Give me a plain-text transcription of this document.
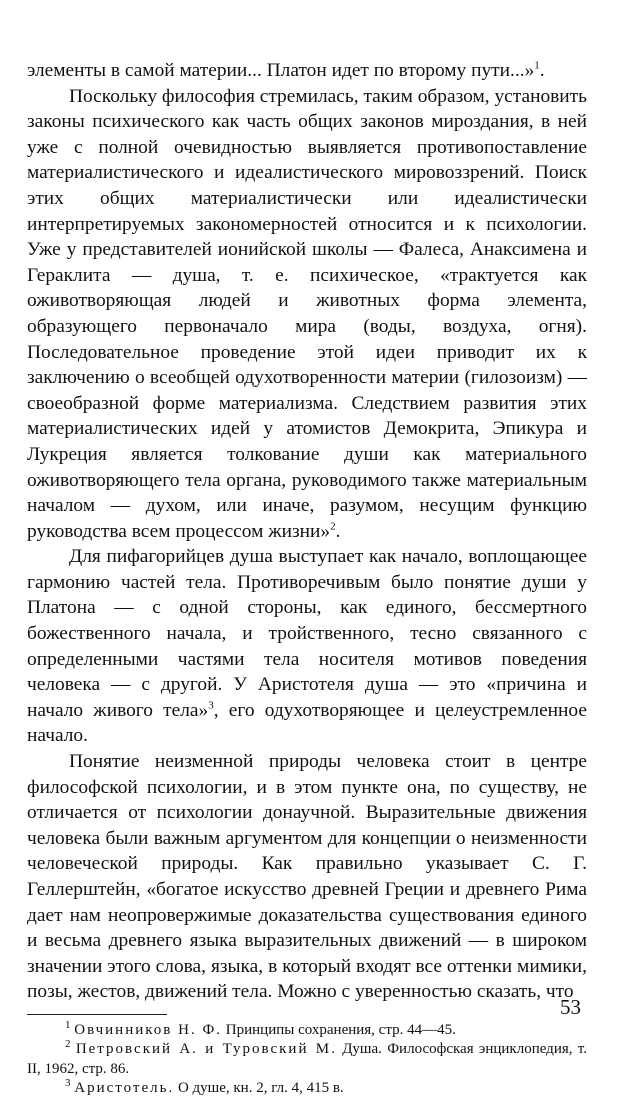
элементы в самой материи... Платон идет по второму пути...»$^1$.

Поскольку философия стремилась, таким образом, установить законы психического как часть общих законов мироздания, в ней уже с полной очевидностью выявляется противопоставление материалистического и идеалистического мировоззрений. Поиск этих общих материалистически или идеалистически интерпретируемых закономерностей относится и к психологии. Уже у представителей ионийской школы — Фалеса, Анаксимена и Гераклита — душа, т. е. психическое, «трактуется как оживотворяющая людей и животных форма элемента, образующего первоначало мира (воды, воздуха, огня). Последовательное проведение этой идеи приводит их к заключению о всеобщей одухотворенности материи (гилозоизм) — своеобразной форме материализма. Следствием развития этих материалистических идей у атомистов Демокрита, Эпикура и Лукреция является толкование души как материального оживотворяющего тела органа, руководимого также материальным началом — духом, или иначе, разумом, несущим функцию руководства всем процессом жизни»$^2$.

Для пифагорийцев душа выступает как начало, воплощающее гармонию частей тела. Противоречивым было понятие души у Платона — с одной стороны, как единого, бессмертного божественного начала, и тройственного, тесно связанного с определенными частями тела носителя мотивов поведения человека — с другой. У Аристотеля душа — это «причина и начало живого тела»$^3$, его одухотворяющее и целеустремленное начало.

Понятие неизменной природы человека стоит в центре философской психологии, и в этом пункте она, по существу, не отличается от психологии донаучной. Выразительные движения человека были важным аргументом для концепции о неизменности человеческой природы. Как правильно указывает С. Г. Геллерштейн, «богатое искусство древней Греции и древнего Рима дает нам неопровержимые доказательства существования единого и весьма древнего языка выразительных движений — в широком значении этого слова, языка, в который входят все оттенки мимики, позы, жестов, движений тела. Можно с уверенностью сказать, что

$^1$ Овчинников Н. Ф. Принципы сохранения, стр. 44—45.

$^2$ Петровский А. и Туровский М. Душа. Философская энциклопедия, т. II, 1962, стр. 86.

$^3$ Аристотель. О душе, кн. 2, гл. 4, 415 в.

53
